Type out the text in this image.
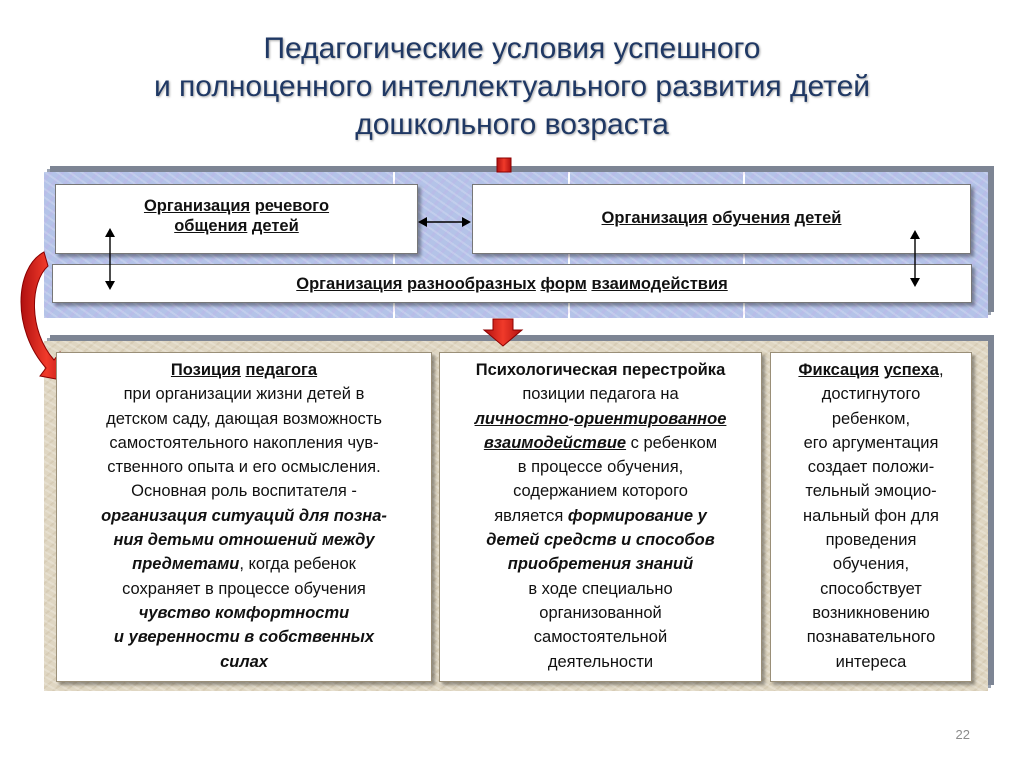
Педагогические условия успешного
и полноценного интеллектуального развития детей
дошкольного возраста
Организация речевого
общения детей	Организация обучения детей
Организация разнообразных форм взаимодействия
Позиция педагога
при организации жизни детей в
детском саду, дающая возможность
самостоятельного накопления чув-
ственного опыта и его осмысления.
Основная роль воспитателя -
организация ситуаций для позна-
ния детьми отношений между
предметами, когда ребенок
сохраняет в процессе обучения
чувство комфортности
и уверенности в собственных
силах
Психологическая перестройка
позиции педагога на
личностно-ориентированное
взаимодействие с ребенком
в процессе обучения,
содержанием которого
является формирование у
детей средств и способов
приобретения знаний
в ходе специально
организованной
самостоятельной
деятельности
Фиксация успеха,
достигнутого
ребенком,
его аргументация
создает положи-
тельный эмоцио-
нальный фон для
проведения
обучения,
способствует
возникновению
познавательного
интереса
22
